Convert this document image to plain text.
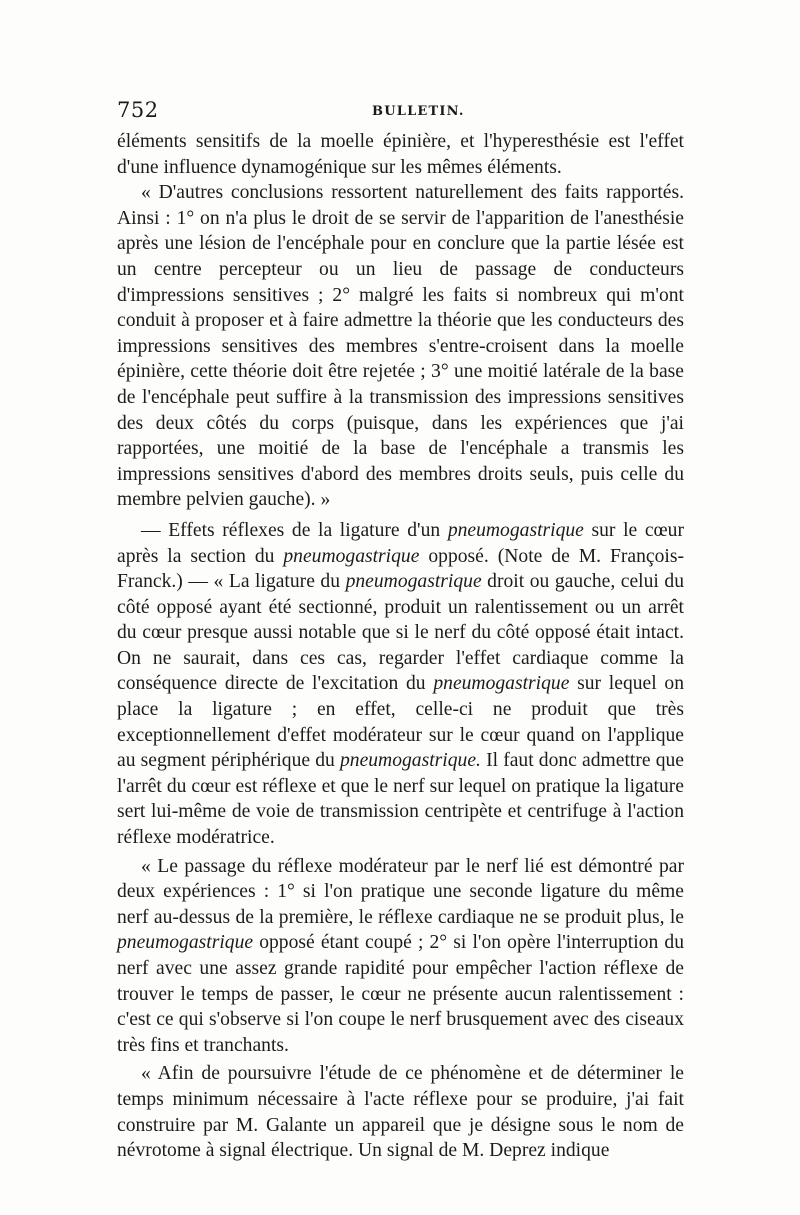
752	BULLETIN.

éléments sensitifs de la moelle épinière, et l'hyperesthésie est l'effet d'une influence dynamogénique sur les mêmes éléments.

« D'autres conclusions ressortent naturellement des faits rapportés. Ainsi : 1° on n'a plus le droit de se servir de l'apparition de l'anesthésie après une lésion de l'encéphale pour en conclure que la partie lésée est un centre percepteur ou un lieu de passage de conducteurs d'impressions sensitives ; 2° malgré les faits si nombreux qui m'ont conduit à proposer et à faire admettre la théorie que les conducteurs des impressions sensitives des membres s'entre-croisent dans la moelle épinière, cette théorie doit être rejetée ; 3° une moitié latérale de la base de l'encéphale peut suffire à la transmission des impressions sensitives des deux côtés du corps (puisque, dans les expériences que j'ai rapportées, une moitié de la base de l'encéphale a transmis les impressions sensitives d'abord des membres droits seuls, puis celle du membre pelvien gauche). »

— Effets réflexes de la ligature d'un pneumogastrique sur le cœur après la section du pneumogastrique opposé. (Note de M. François-Franck.) — « La ligature du pneumogastrique droit ou gauche, celui du côté opposé ayant été sectionné, produit un ralentissement ou un arrêt du cœur presque aussi notable que si le nerf du côté opposé était intact. On ne saurait, dans ces cas, regarder l'effet cardiaque comme la conséquence directe de l'excitation du pneumogastrique sur lequel on place la ligature ; en effet, celle-ci ne produit que très exceptionnellement d'effet modérateur sur le cœur quand on l'applique au segment périphérique du pneumogastrique. Il faut donc admettre que l'arrêt du cœur est réflexe et que le nerf sur lequel on pratique la ligature sert lui-même de voie de transmission centripète et centrifuge à l'action réflexe modératrice.

« Le passage du réflexe modérateur par le nerf lié est démontré par deux expériences : 1° si l'on pratique une seconde ligature du même nerf au-dessus de la première, le réflexe cardiaque ne se produit plus, le pneumogastrique opposé étant coupé ; 2° si l'on opère l'interruption du nerf avec une assez grande rapidité pour empêcher l'action réflexe de trouver le temps de passer, le cœur ne présente aucun ralentissement : c'est ce qui s'observe si l'on coupe le nerf brusquement avec des ciseaux très fins et tranchants.

« Afin de poursuivre l'étude de ce phénomène et de déterminer le temps minimum nécessaire à l'acte réflexe pour se produire, j'ai fait construire par M. Galante un appareil que je désigne sous le nom de névrotome à signal électrique. Un signal de M. Deprez indique
